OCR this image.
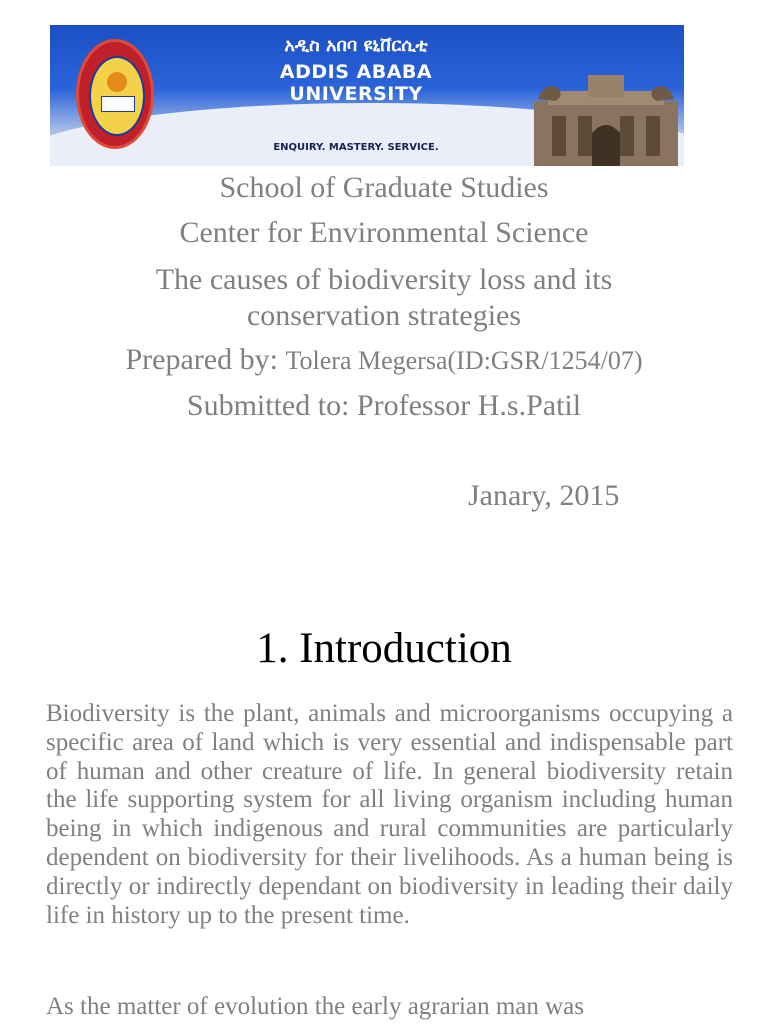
አዲስ አበባ ዩኒቨርሲቲ
ADDIS ABABA UNIVERSITY
ENQUIRY. MASTERY. SERVICE.
School of Graduate Studies
Center for Environmental Science
The causes of biodiversity loss and its
conservation strategies
Prepared by: Tolera Megersa(ID:GSR/1254/07)
Submitted to: Professor H.s.Patil
Janary, 2015
1. Introduction
Biodiversity is the plant, animals and microorganisms occupying a specific area of land which is very essential and indispensable part of human and other creature of life. In general biodiversity retain the life supporting system for all living organism including human being in which indigenous and rural communities are particularly dependent on biodiversity for their livelihoods. As a human being is directly or indirectly dependant on biodiversity in leading their daily life in history up to the present time.
As the matter of evolution the early agrarian man was
